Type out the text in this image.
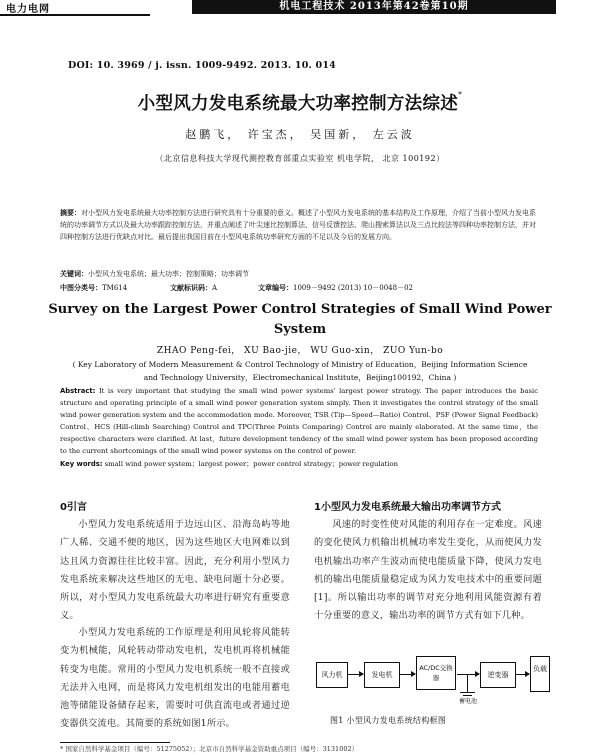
电力电网	机电工程技术 2013年第42卷第10期
DOI: 10. 3969 / j. issn. 1009-9492. 2013. 10. 014
小型风力发电系统最大功率控制方法综述*
赵鹏飞， 许宝杰， 吴国新， 左云波
（北京信息科技大学现代测控教育部重点实验室 机电学院， 北京 100192）
摘要：对小型风力发电系统最大功率控制方法进行研究具有十分重要的意义。概述了小型风力发电系统的基本结构及工作原理，介绍了当前小型风力发电系统的功率调节方式以及最大功率跟踪控制方法，并重点阐述了叶尖速比控制算法、信号反馈控法、爬山搜索算法以及三点比较法等四种功率控制方法，并对四种控制方法进行优缺点对比。最后提出我国目前在小型风电系统功率研究方面的不足以及今后的发展方向。
关键词：小型风力发电系统；最大功率；控制策略；功率调节
中图分类号：TM614	文献标识码：A	文章编号：1009－9492 (2013) 10－0048－02
Survey on the Largest Power Control Strategies of Small Wind Power System
ZHAO Peng-fei， XU Bao-jie， WU Guo-xin， ZUO Yun-bo
( Key Laboratory of Modern Measurement & Control Technology of Ministry of Education，Beijing Information Science and Technology University，Electromechanical Institute，Beijing100192，China )
Abstract: It is very important that studying the small wind power systems' largest power strategy. The paper introduces the basic structure and operating principle of a small wind power generation system simply. Then it investigates the control strategy of the small wind power generation system and the accommodation mode. Moreover, TSR (Tip—Speed—Ratio) Control、PSF (Power Signal Feedback) Control、HCS (Hill-climb Searching) Control and TPC(Three Points Comparing) Control are mainly elaborated. At the same time，the respective characters were clarified. At last，future development tendency of the small wind power system has been proposed according to the current shortcomings of the small wind power systems on the control of power.
Key words: small wind power system；largest power；power control strategy；power regulation
0引言
小型风力发电系统适用于边远山区、沿海岛屿等地广人稀、交通不便的地区，因为这些地区大电网难以到达且风力资源往往比较丰富。因此，充分利用小型风力发电系统来解决这些地区的无电、缺电问题十分必要。所以，对小型风力发电系统最大功率进行研究有重要意义。
小型风力发电系统的工作原理是利用风轮将风能转变为机械能，风轮转动带动发电机，发电机再将机械能转变为电能。常用的小型风力发电机系统一般不直接或无法并入电网，而是将风力发电机组发出的电能用蓄电池等储能设备储存起来，需要时可供直流电或者通过逆变器供交流电。其简要的系统如图1所示。
1小型风力发电系统最大输出功率调节方式
风速的时变性使对风能的利用存在一定难度。风速的变化使风力机输出机械功率发生变化，从而使风力发电机输出功率产生波动而使电能质量下降，使风力发电机的输出电能质量稳定成为风力发电技术中的重要问题[1]。所以输出功率的调节对充分地利用风能资源有着十分重要的意义，输出功率的调节方式有如下几种。
风力机	发电机
AC/DC交换器	逆变器
负载
蓄电池
图1 小型风力发电系统结构框图
* 国家自然科学基金项目（编号：51275052）；北京市自然科学基金资助重点项目（编号：3131002）
